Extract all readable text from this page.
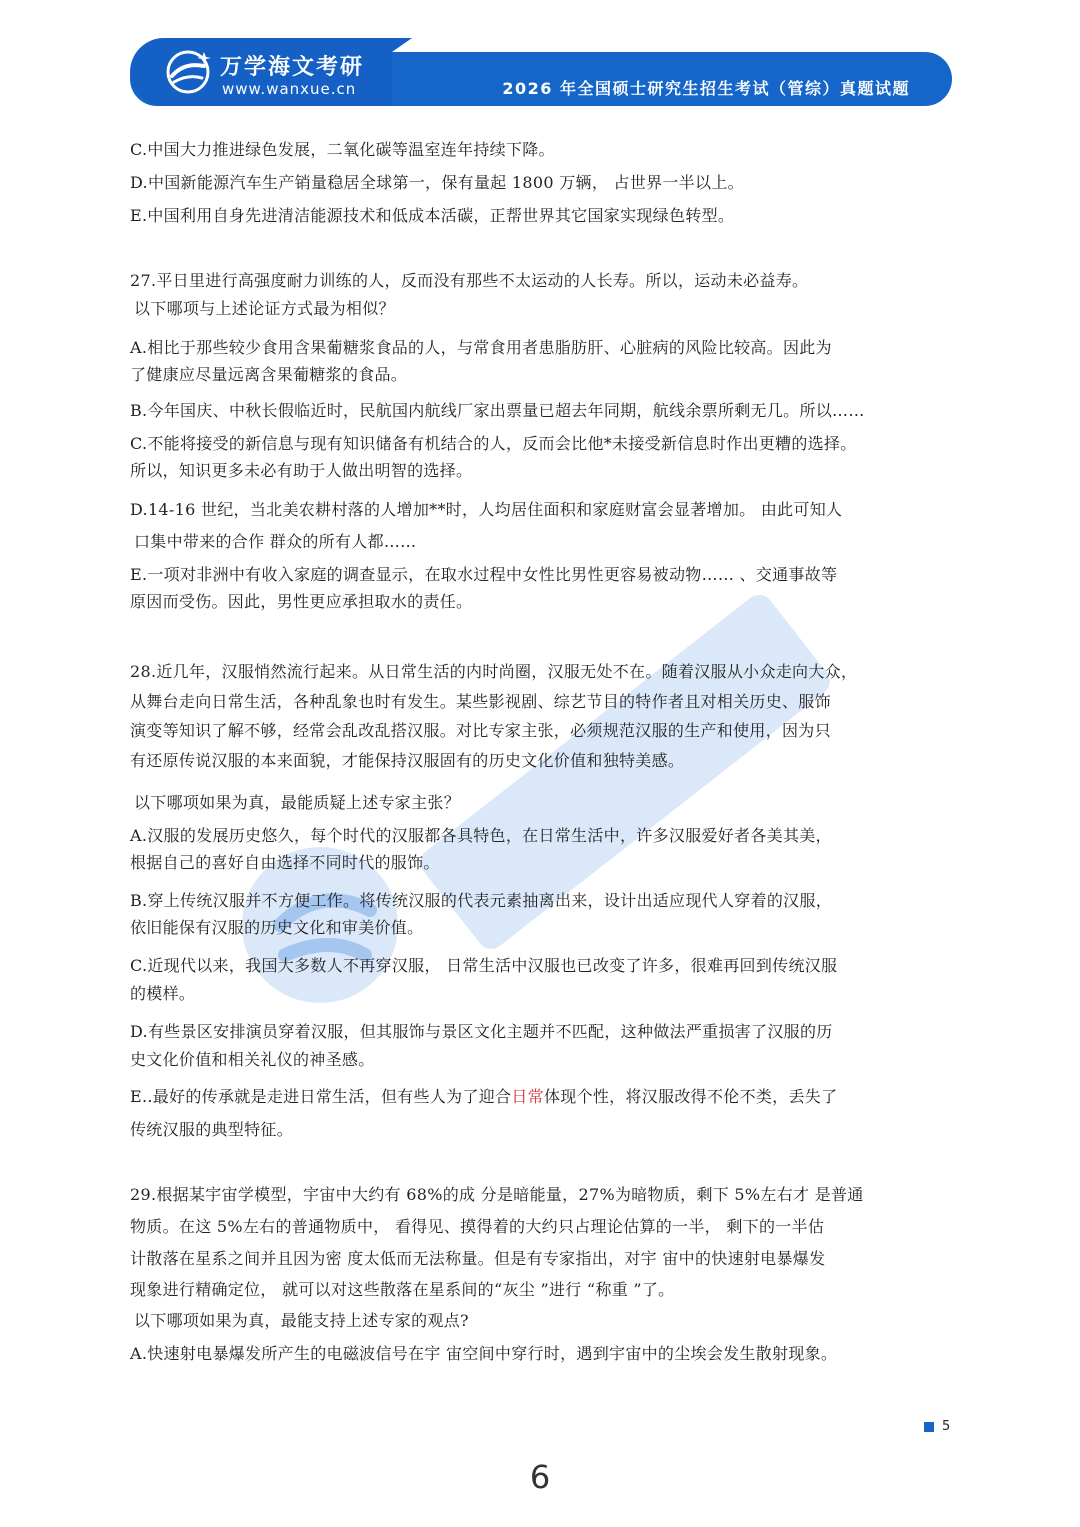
万学海文考研
www.wanxue.cn	2026 年全国硕士研究生招生考试（管综）真题试题
C.中国大力推进绿色发展，二氧化碳等温室连年持续下降。
D.中国新能源汽车生产销量稳居全球第一，保有量起 1800 万辆， 占世界一半以上。
E.中国利用自身先进清洁能源技术和低成本活碳，正帮世界其它国家实现绿色转型。
27.平日里进行高强度耐力训练的人，反而没有那些不太运动的人长寿。所以，运动未必益寿。
以下哪项与上述论证方式最为相似？
A.相比于那些较少食用含果葡糖浆食品的人，与常食用者患脂肪肝、心脏病的风险比较高。因此为
了健康应尽量远离含果葡糖浆的食品。
B.今年国庆、中秋长假临近时，民航国内航线厂家出票量已超去年同期，航线余票所剩无几。所以……
C.不能将接受的新信息与现有知识储备有机结合的人，反而会比他*未接受新信息时作出更糟的选择。
所以，知识更多未必有助于人做出明智的选择。
D.14-16 世纪，当北美农耕村落的人增加**时，人均居住面积和家庭财富会显著增加。 由此可知人
口集中带来的合作 群众的所有人都……
E.一项对非洲中有收入家庭的调查显示，在取水过程中女性比男性更容易被动物…… 、交通事故等
原因而受伤。因此，男性更应承担取水的责任。
28.近几年，汉服悄然流行起来。从日常生活的内时尚圈，汉服无处不在。随着汉服从小众走向大众，
从舞台走向日常生活，各种乱象也时有发生。某些影视剧、综艺节目的特作者且对相关历史、服饰
演变等知识了解不够，经常会乱改乱搭汉服。对比专家主张，必须规范汉服的生产和使用，因为只
有还原传说汉服的本来面貌，才能保持汉服固有的历史文化价值和独特美感。
以下哪项如果为真，最能质疑上述专家主张？
A.汉服的发展历史悠久，每个时代的汉服都各具特色，在日常生活中，许多汉服爱好者各美其美，
根据自己的喜好自由选择不同时代的服饰。
B.穿上传统汉服并不方便工作。将传统汉服的代表元素抽离出来，设计出适应现代人穿着的汉服，
依旧能保有汉服的历史文化和审美价值。
C.近现代以来，我国大多数人不再穿汉服， 日常生活中汉服也已改变了许多，很难再回到传统汉服
的模样。
D.有些景区安排演员穿着汉服，但其服饰与景区文化主题并不匹配，这种做法严重损害了汉服的历
史文化价值和相关礼仪的神圣感。
E..最好的传承就是走进日常生活，但有些人为了迎合日常体现个性，将汉服改得不伦不类，丢失了
传统汉服的典型特征。
29.根据某宇宙学模型，宇宙中大约有 68%的成 分是暗能量，27%为暗物质，剩下 5%左右才 是普通
物质。在这 5%左右的普通物质中， 看得见、摸得着的大约只占理论估算的一半， 剩下的一半估
计散落在星系之间并且因为密 度太低而无法称量。但是有专家指出，对宇 宙中的快速射电暴爆发
现象进行精确定位， 就可以对这些散落在星系间的“灰尘 ”进行 “称重 ”了。
以下哪项如果为真，最能支持上述专家的观点?
A.快速射电暴爆发所产生的电磁波信号在宇 宙空间中穿行时，遇到宇宙中的尘埃会发生散射现象。
5
6
